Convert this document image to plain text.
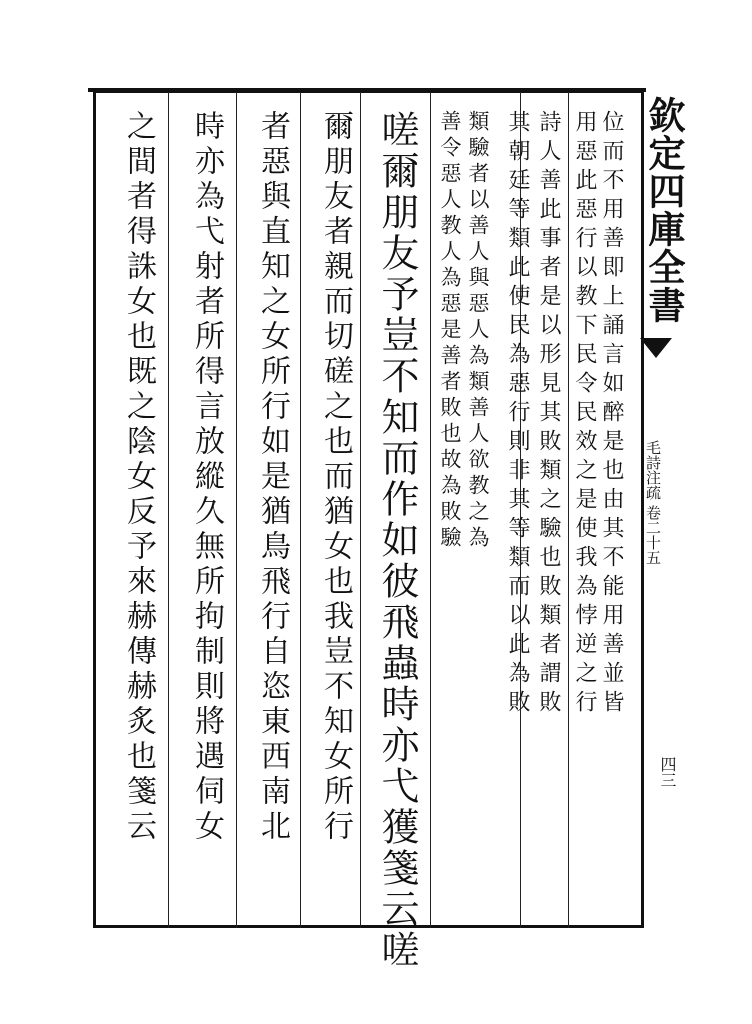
欽定四庫全書
毛詩注疏 卷二十五
四三
位而不用善即上誦言如醉是也由其不能用善並皆
用惡此惡行以教下民令民效之是使我為悖逆之行
詩人善此事者是以形見其敗類之驗也敗類者謂敗
其朝廷等類此使民為惡行則非其等類而以此為敗
類驗者以善人與惡人為類善人欲教之為
善令惡人教人為惡是善者敗也故為敗驗
嗟爾朋友予豈不知而作如彼飛蟲時亦弋獲箋云嗟
爾朋友者親而切磋之也而猶女也我豈不知女所行
者惡與直知之女所行如是猶鳥飛行自恣東西南北
時亦為弋射者所得言放縱久無所拘制則將遇伺女
之間者得誅女也既之陰女反予來赫傳赫炙也箋云
